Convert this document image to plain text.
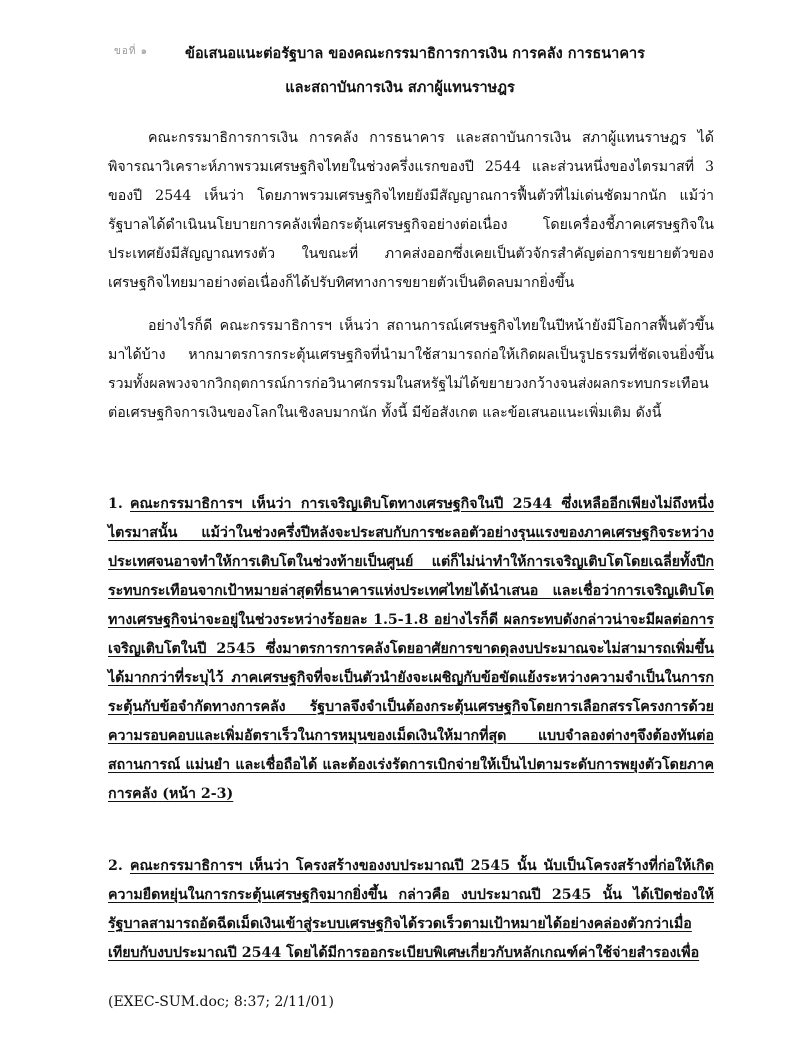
ขอที่ ๑	ข้อเสนอแนะต่อรัฐบาล ของคณะกรรมาธิการการเงิน การคลัง การธนาคาร
และสถาบันการเงิน สภาผู้แทนราษฎร

คณะกรรมาธิการการเงิน การคลัง การธนาคาร และสถาบันการเงิน สภาผู้แทนราษฎร ได้พิจารณาวิเคราะห์ภาพรวมเศรษฐกิจไทยในช่วงครึ่งแรกของปี 2544 และส่วนหนึ่งของไตรมาสที่ 3 ของปี 2544 เห็นว่า โดยภาพรวมเศรษฐกิจไทยยังมีสัญญาณการฟื้นตัวที่ไม่เด่นชัดมากนัก แม้ว่ารัฐบาลได้ดำเนินนโยบายการคลังเพื่อกระตุ้นเศรษฐกิจอย่างต่อเนื่อง โดยเครื่องชี้ภาคเศรษฐกิจในประเทศยังมีสัญญาณทรงตัว ในขณะที่ ภาคส่งออกซึ่งเคยเป็นตัวจักรสำคัญต่อการขยายตัวของเศรษฐกิจไทยมาอย่างต่อเนื่องก็ได้ปรับทิศทางการขยายตัวเป็นติดลบมากยิ่งขึ้น

อย่างไรก็ดี คณะกรรมาธิการฯ เห็นว่า สถานการณ์เศรษฐกิจไทยในปีหน้ายังมีโอกาสฟื้นตัวขึ้นมาได้บ้าง หากมาตรการกระตุ้นเศรษฐกิจที่นำมาใช้สามารถก่อให้เกิดผลเป็นรูปธรรมที่ชัดเจนยิ่งขึ้น รวมทั้งผลพวงจากวิกฤตการณ์การก่อวินาศกรรมในสหรัฐไม่ได้ขยายวงกว้างจนส่งผลกระทบกระเทือนต่อเศรษฐกิจการเงินของโลกในเชิงลบมากนัก ทั้งนี้ มีข้อสังเกต และข้อเสนอแนะเพิ่มเติม ดังนี้

1. คณะกรรมาธิการฯ เห็นว่า การเจริญเติบโตทางเศรษฐกิจในปี 2544 ซึ่งเหลืออีกเพียงไม่ถึงหนึ่งไตรมาสนั้น แม้ว่าในช่วงครึ่งปีหลังจะประสบกับการชะลอตัวอย่างรุนแรงของภาคเศรษฐกิจระหว่างประเทศจนอาจทำให้การเติบโตในช่วงท้ายเป็นศูนย์ แต่ก็ไม่น่าทำให้การเจริญเติบโตโดยเฉลี่ยทั้งปีกระทบกระเทือนจากเป้าหมายล่าสุดที่ธนาคารแห่งประเทศไทยได้นำเสนอ และเชื่อว่าการเจริญเติบโตทางเศรษฐกิจน่าจะอยู่ในช่วงระหว่างร้อยละ 1.5-1.8 อย่างไรก็ดี ผลกระทบดังกล่าวน่าจะมีผลต่อการเจริญเติบโตในปี 2545 ซึ่งมาตรการการคลังโดยอาศัยการขาดดุลงบประมาณจะไม่สามารถเพิ่มขึ้นได้มากกว่าที่ระบุไว้ ภาคเศรษฐกิจที่จะเป็นตัวนำยังจะเผชิญกับข้อขัดแย้งระหว่างความจำเป็นในการกระตุ้นกับข้อจำกัดทางการคลัง รัฐบาลจึงจำเป็นต้องกระตุ้นเศรษฐกิจโดยการเลือกสรรโครงการด้วยความรอบคอบและเพิ่มอัตราเร็วในการหมุนของเม็ดเงินให้มากที่สุด แบบจำลองต่างๆจึงต้องทันต่อสถานการณ์ แม่นยำ และเชื่อถือได้ และต้องเร่งรัดการเบิกจ่ายให้เป็นไปตามระดับการพยุงตัวโดยภาคการคลัง (หน้า 2-3)

2. คณะกรรมาธิการฯ เห็นว่า โครงสร้างของงบประมาณปี 2545 นั้น นับเป็นโครงสร้างที่ก่อให้เกิดความยืดหยุ่นในการกระตุ้นเศรษฐกิจมากยิ่งขึ้น กล่าวคือ งบประมาณปี 2545 นั้น ได้เปิดช่องให้รัฐบาลสามารถอัดฉีดเม็ดเงินเข้าสู่ระบบเศรษฐกิจได้รวดเร็วตามเป้าหมายได้อย่างคล่องตัวกว่าเมื่อเทียบกับงบประมาณปี 2544 โดยได้มีการออกระเบียบพิเศษเกี่ยวกับหลักเกณฑ์ค่าใช้จ่ายสำรองเพื่อ

(EXEC-SUM.doc; 8:37; 2/11/01)
